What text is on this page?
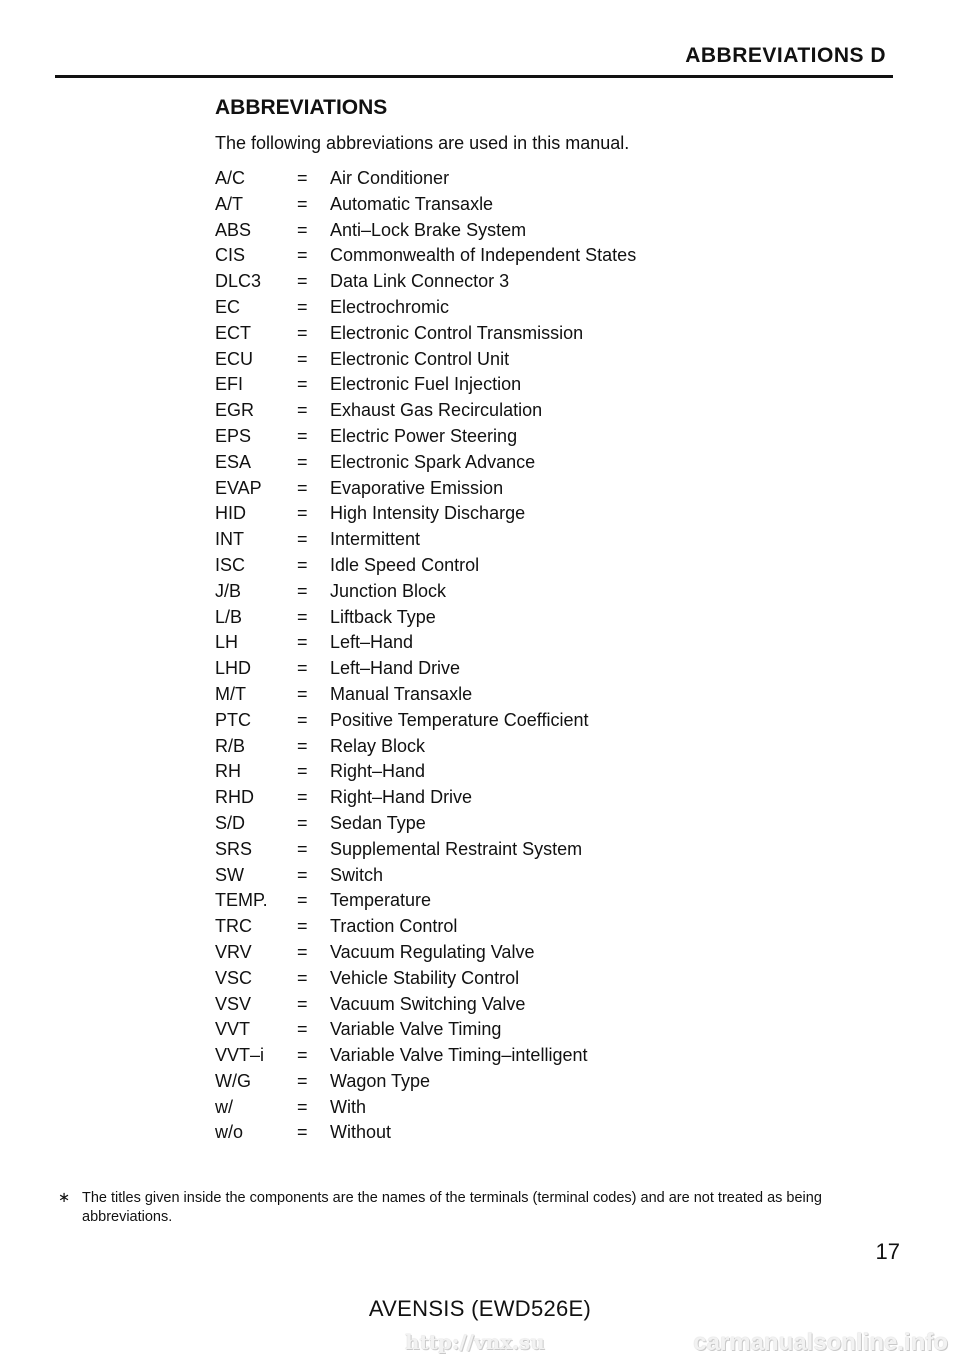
ABBREVIATIONS D
ABBREVIATIONS
The following abbreviations are used in this manual.
A/C	= Air Conditioner
A/T	= Automatic Transaxle
ABS	= Anti–Lock Brake System
CIS	= Commonwealth of Independent States
DLC3 = Data Link Connector 3
EC	= Electrochromic
ECT	= Electronic Control Transmission
ECU = Electronic Control Unit
EFI	= Electronic Fuel Injection
EGR = Exhaust Gas Recirculation
EPS	= Electric Power Steering
ESA	= Electronic Spark Advance
EVAP = Evaporative Emission
HID	= High Intensity Discharge
INT	= Intermittent
ISC	= Idle Speed Control
J/B	= Junction Block
L/B	= Liftback Type
LH	= Left–Hand
LHD	= Left–Hand Drive
M/T	= Manual Transaxle
PTC	= Positive Temperature Coefficient
R/B	= Relay Block
RH	= Right–Hand
RHD = Right–Hand Drive
S/D	= Sedan Type
SRS = Supplemental Restraint System
SW	= Switch
TEMP. = Temperature
TRC	= Traction Control
VRV	= Vacuum Regulating Valve
VSC = Vehicle Stability Control
VSV	= Vacuum Switching Valve
VVT	= Variable Valve Timing
VVT–i = Variable Valve Timing–intelligent
W/G	= Wagon Type
w/	= With
w/o	= Without
∗ The titles given inside the components are the names of the terminals (terminal codes) and are not treated as being abbreviations.
17
AVENSIS (EWD526E)
http://vnx.su	carmanualsonline.info
